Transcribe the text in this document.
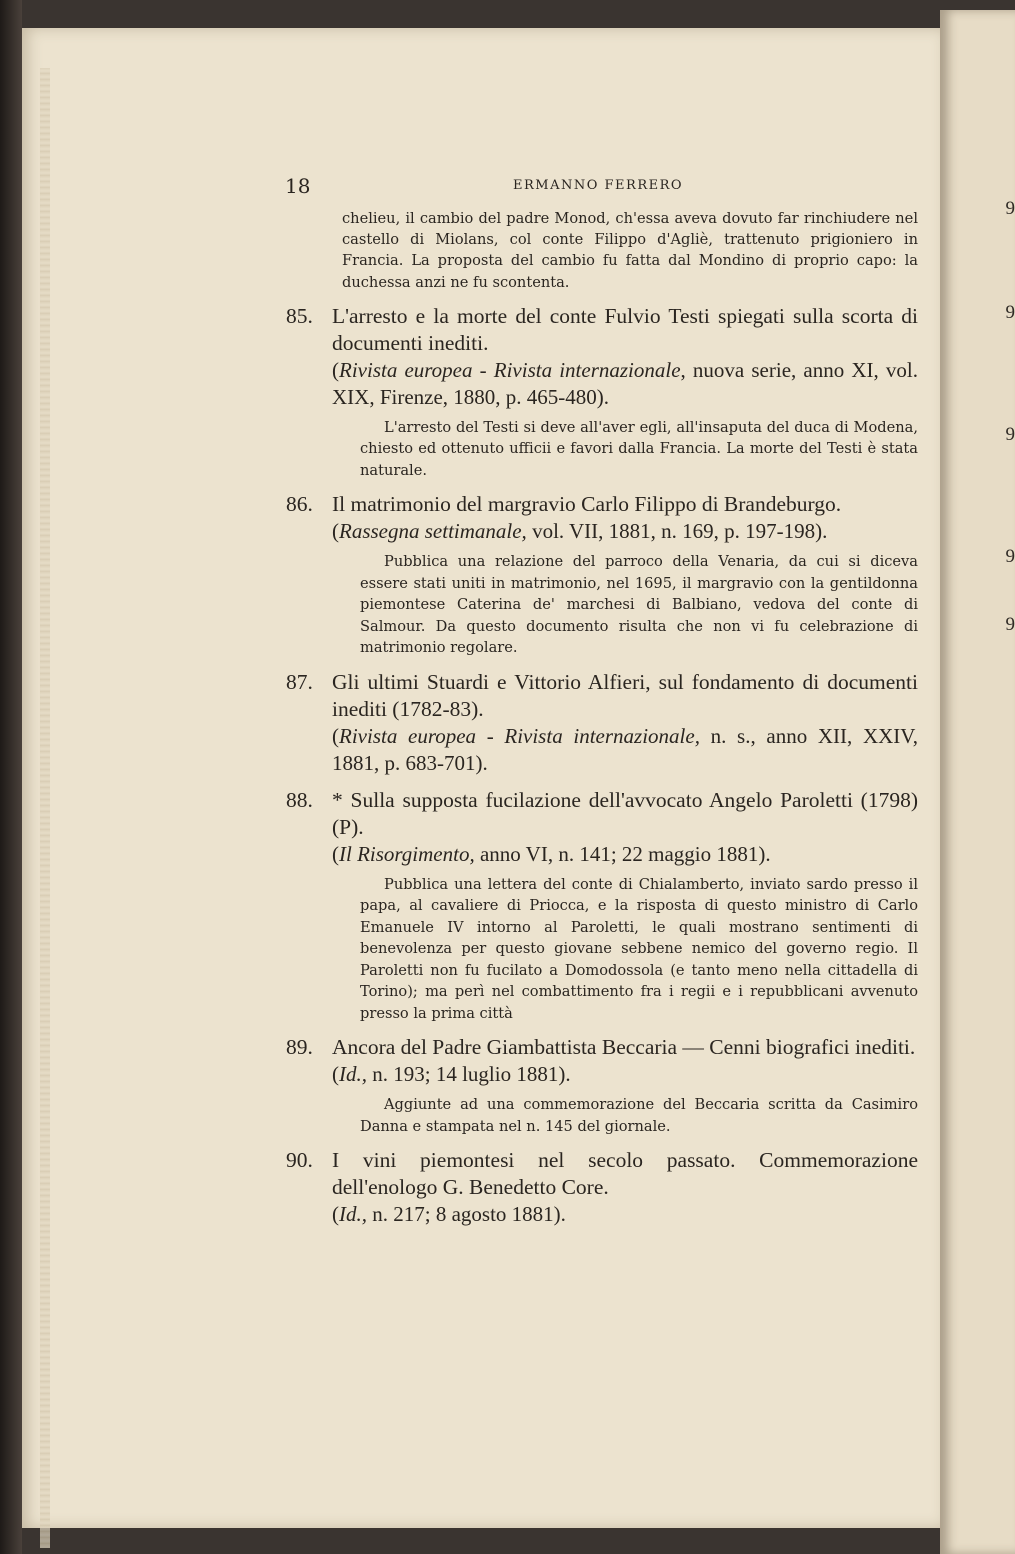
9
9
9
9
9
18	ERMANNO FERRERO

chelieu, il cambio del padre Monod, ch'essa aveva dovuto far rinchiudere nel castello di Miolans, col conte Filippo d'Agliè, trattenuto prigioniero in Francia. La proposta del cambio fu fatta dal Mondino di proprio capo: la duchessa anzi ne fu scontenta.

85. L'arresto e la morte del conte Fulvio Testi spiegati sulla scorta di documenti inediti.

(Rivista europea - Rivista internazionale, nuova serie, anno XI, vol. XIX, Firenze, 1880, p. 465-480).

L'arresto del Testi si deve all'aver egli, all'insaputa del duca di Modena, chiesto ed ottenuto ufficii e favori dalla Francia. La morte del Testi è stata naturale.

86. Il matrimonio del margravio Carlo Filippo di Brandeburgo.

(Rassegna settimanale, vol. VII, 1881, n. 169, p. 197-198).

Pubblica una relazione del parroco della Venaria, da cui si diceva essere stati uniti in matrimonio, nel 1695, il margravio con la gentildonna piemontese Caterina de' marchesi di Balbiano, vedova del conte di Salmour. Da questo documento risulta che non vi fu celebrazione di matrimonio regolare.

87. Gli ultimi Stuardi e Vittorio Alfieri, sul fondamento di documenti inediti (1782-83).

(Rivista europea - Rivista internazionale, n. s., anno XII, XXIV, 1881, p. 683-701).

88. * Sulla supposta fucilazione dell'avvocato Angelo Paroletti (1798) (P).

(Il Risorgimento, anno VI, n. 141; 22 maggio 1881).

Pubblica una lettera del conte di Chialamberto, inviato sardo presso il papa, al cavaliere di Priocca, e la risposta di questo ministro di Carlo Emanuele IV intorno al Paroletti, le quali mostrano sentimenti di benevolenza per questo giovane sebbene nemico del governo regio. Il Paroletti non fu fucilato a Domodossola (e tanto meno nella cittadella di Torino); ma perì nel combattimento fra i regii e i repubblicani avvenuto presso la prima città

89. Ancora del Padre Giambattista Beccaria — Cenni biografici inediti.

(Id., n. 193; 14 luglio 1881).

Aggiunte ad una commemorazione del Beccaria scritta da Casimiro Danna e stampata nel n. 145 del giornale.

90. I vini piemontesi nel secolo passato. Commemorazione dell'enologo G. Benedetto Core.

(Id., n. 217; 8 agosto 1881).
